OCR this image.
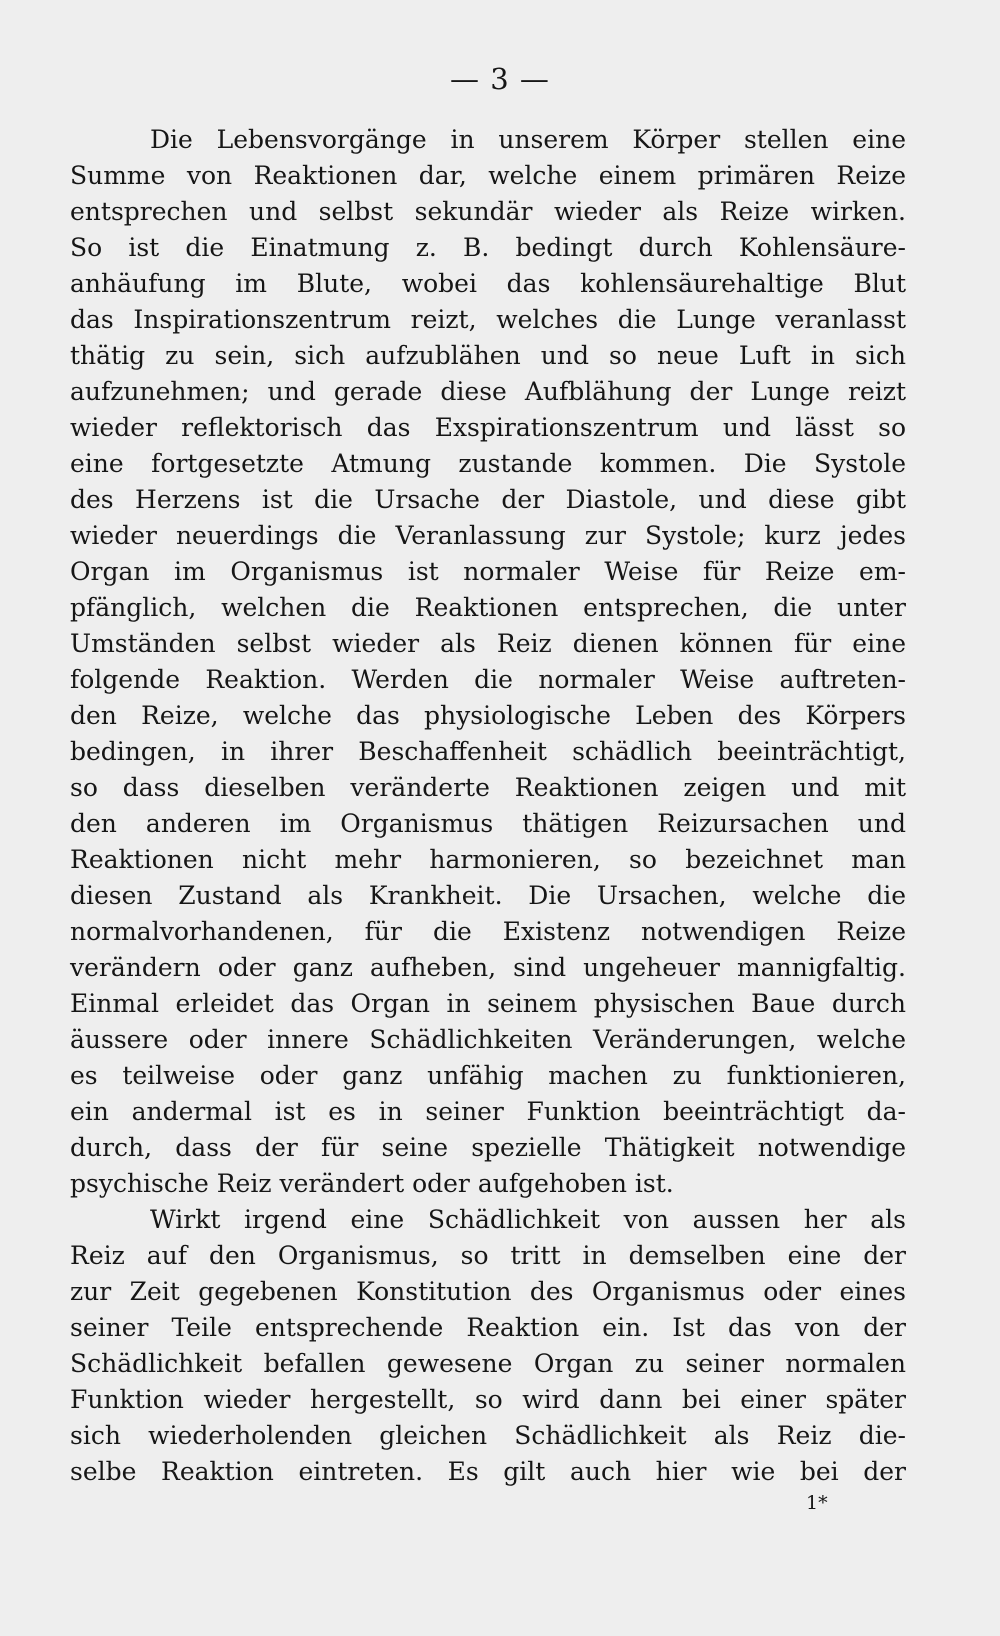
— 3 —
Die Lebensvorgänge in unserem Körper stellen eine
Summe von Reaktionen dar, welche einem primären Reize
entsprechen und selbst sekundär wieder als Reize wirken.
So ist die Einatmung z. B. bedingt durch Kohlensäure-
anhäufung im Blute, wobei das kohlensäurehaltige Blut
das Inspirationszentrum reizt, welches die Lunge veranlasst
thätig zu sein, sich aufzublähen und so neue Luft in sich
aufzunehmen; und gerade diese Aufblähung der Lunge reizt
wieder reflektorisch das Exspirationszentrum und lässt so
eine fortgesetzte Atmung zustande kommen. Die Systole
des Herzens ist die Ursache der Diastole, und diese gibt
wieder neuerdings die Veranlassung zur Systole; kurz jedes
Organ im Organismus ist normaler Weise für Reize em-
pfänglich, welchen die Reaktionen entsprechen, die unter
Umständen selbst wieder als Reiz dienen können für eine
folgende Reaktion. Werden die normaler Weise auftreten-
den Reize, welche das physiologische Leben des Körpers
bedingen, in ihrer Beschaffenheit schädlich beeinträchtigt,
so dass dieselben veränderte Reaktionen zeigen und mit
den anderen im Organismus thätigen Reizursachen und
Reaktionen nicht mehr harmonieren, so bezeichnet man
diesen Zustand als Krankheit. Die Ursachen, welche die
normalvorhandenen, für die Existenz notwendigen Reize
verändern oder ganz aufheben, sind ungeheuer mannigfaltig.
Einmal erleidet das Organ in seinem physischen Baue durch
äussere oder innere Schädlichkeiten Veränderungen, welche
es teilweise oder ganz unfähig machen zu funktionieren,
ein andermal ist es in seiner Funktion beeinträchtigt da-
durch, dass der für seine spezielle Thätigkeit notwendige
psychische Reiz verändert oder aufgehoben ist.
Wirkt irgend eine Schädlichkeit von aussen her als
Reiz auf den Organismus, so tritt in demselben eine der
zur Zeit gegebenen Konstitution des Organismus oder eines
seiner Teile entsprechende Reaktion ein. Ist das von der
Schädlichkeit befallen gewesene Organ zu seiner normalen
Funktion wieder hergestellt, so wird dann bei einer später
sich wiederholenden gleichen Schädlichkeit als Reiz die-
selbe Reaktion eintreten. Es gilt auch hier wie bei der
1*
